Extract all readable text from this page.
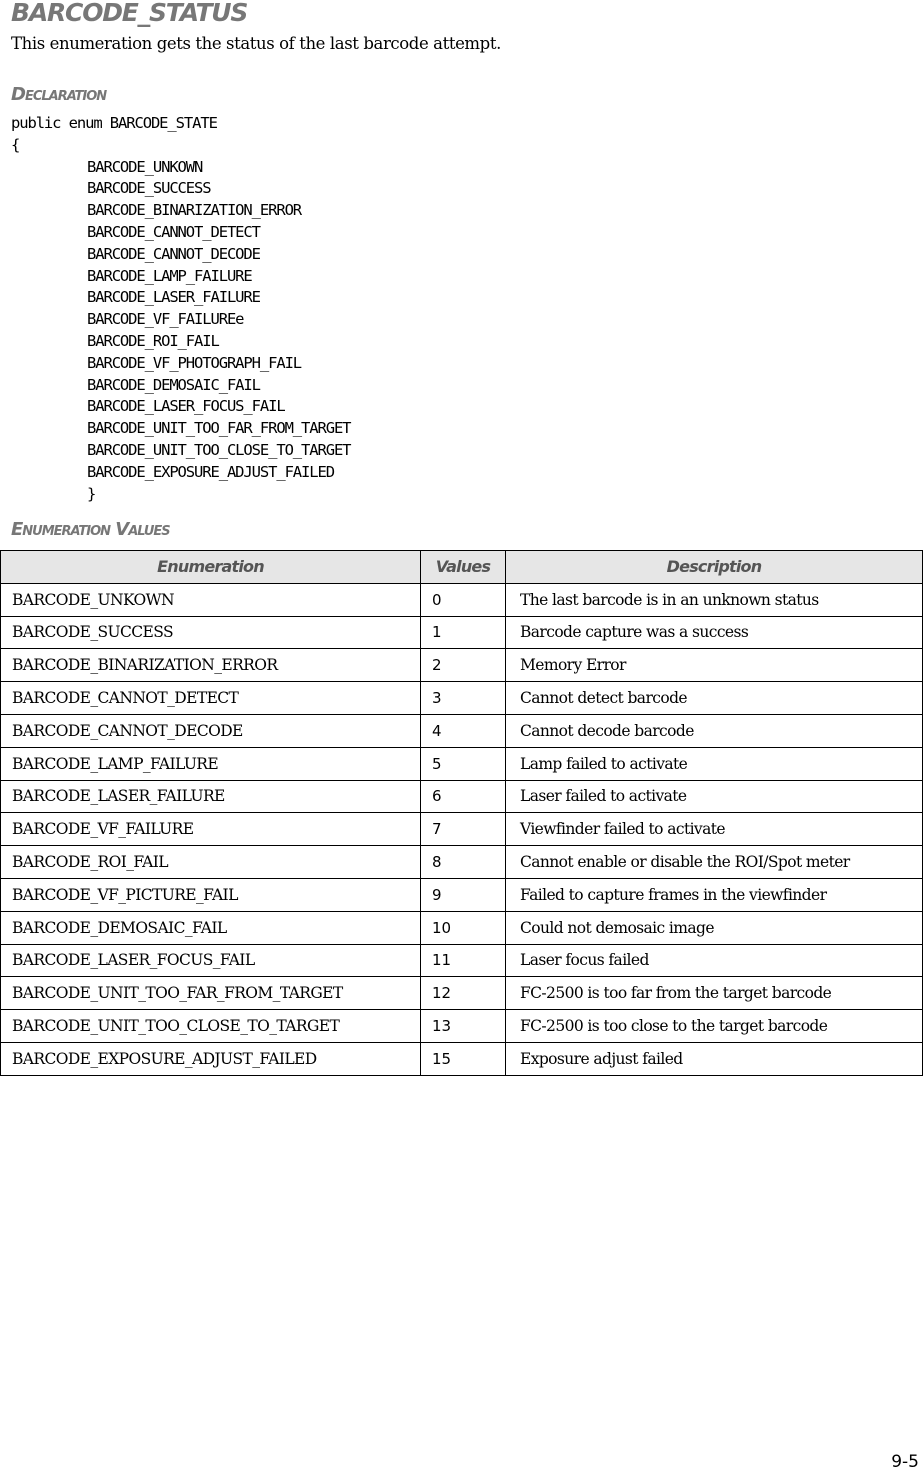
BARCODE_STATUS

This enumeration gets the status of the last barcode attempt.

Declaration
public enum BARCODE_STATE
{
BARCODE_UNKOWN
BARCODE_SUCCESS
BARCODE_BINARIZATION_ERROR
BARCODE_CANNOT_DETECT
BARCODE_CANNOT_DECODE
BARCODE_LAMP_FAILURE
BARCODE_LASER_FAILURE
BARCODE_VF_FAILUREe
BARCODE_ROI_FAIL
BARCODE_VF_PHOTOGRAPH_FAIL
BARCODE_DEMOSAIC_FAIL
BARCODE_LASER_FOCUS_FAIL
BARCODE_UNIT_TOO_FAR_FROM_TARGET
BARCODE_UNIT_TOO_CLOSE_TO_TARGET
BARCODE_EXPOSURE_ADJUST_FAILED
}
Enumeration Values
Enumeration	Values	Description
BARCODE_UNKOWN	0	The last barcode is in an unknown status
BARCODE_SUCCESS	1	Barcode capture was a success
BARCODE_BINARIZATION_ERROR	2	Memory Error
BARCODE_CANNOT_DETECT	3	Cannot detect barcode
BARCODE_CANNOT_DECODE	4	Cannot decode barcode
BARCODE_LAMP_FAILURE	5	Lamp failed to activate
BARCODE_LASER_FAILURE	6	Laser failed to activate
BARCODE_VF_FAILURE	7	Viewfinder failed to activate
BARCODE_ROI_FAIL	8	Cannot enable or disable the ROI/Spot meter
BARCODE_VF_PICTURE_FAIL	9	Failed to capture frames in the viewfinder
BARCODE_DEMOSAIC_FAIL	10	Could not demosaic image
BARCODE_LASER_FOCUS_FAIL	11	Laser focus failed
BARCODE_UNIT_TOO_FAR_FROM_TARGET	12	FC-2500 is too far from the target barcode
BARCODE_UNIT_TOO_CLOSE_TO_TARGET	13	FC-2500 is too close to the target barcode
BARCODE_EXPOSURE_ADJUST_FAILED	15	Exposure adjust failed
9-5
